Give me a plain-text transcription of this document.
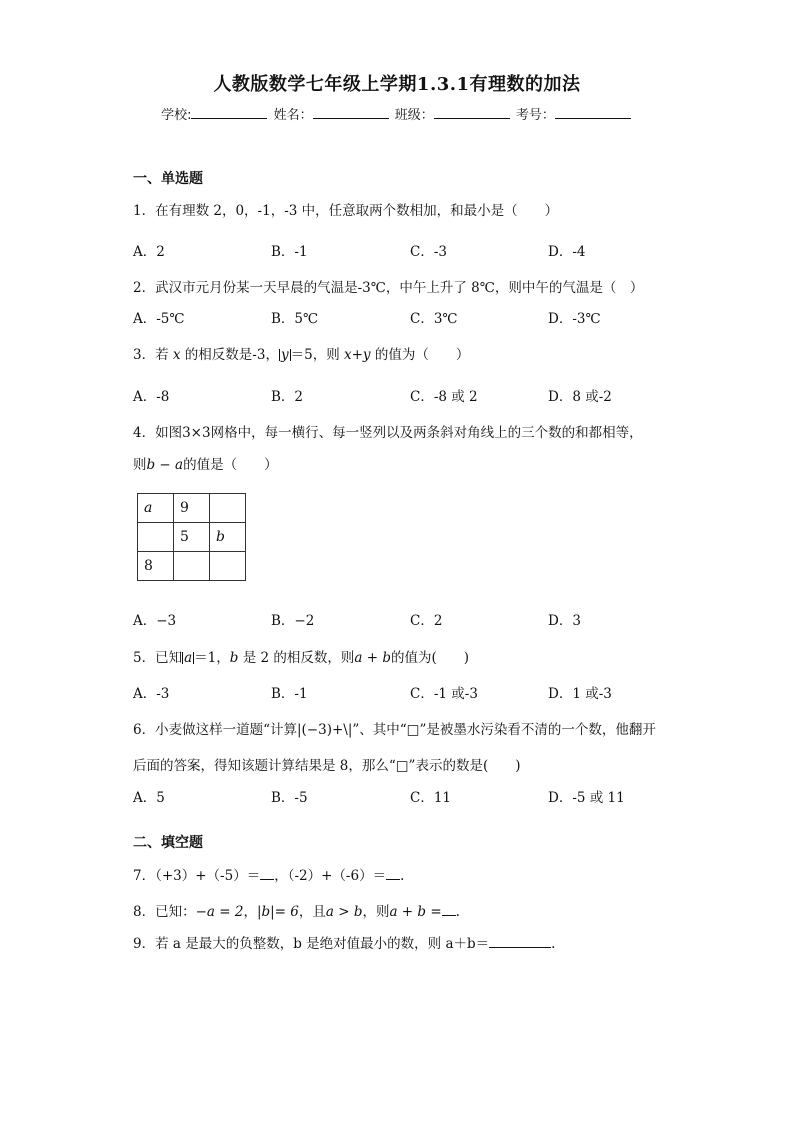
人教版数学七年级上学期1.3.1有理数的加法
学校:	姓名：	班级：	考号：
一、单选题
1．在有理数 2，0，-1，-3 中，任意取两个数相加，和最小是（　　）
A．2	B．-1	C．-3	D．-4
2．武汉市元月份某一天早晨的气温是-3℃，中午上升了 8℃，则中午的气温是（　）
A．-5℃	B．5℃	C．3℃	D．-3℃
3．若 x 的相反数是-3， y ＝5，则 x+y 的值为（　　）
A．-8	B．2	C．-8 或 2	D．8 或-2
4．如图3×3网格中，每一横行、每一竖列以及两条斜对角线上的三个数的和都相等，
则b − a的值是（　　）
a	9	
	5	b
8		
A．−3	B．−2	C．2	D．3
5．已知 a ＝1，b 是 2 的相反数，则a + b的值为(　　)
A．-3	B．-1	C．-1 或-3	D．1 或-3
6．小麦做这样一道题“计算|(−3)+\|”、其中“□”是被墨水污染看不清的一个数，他翻开
后面的答案，得知该题计算结果是 8，那么“□”表示的数是(　　)
A．5	B．-5	C．11	D．-5 或 11
二、填空题
7．（+3）+（-5）＝ ，（-2）+（-6）＝ .
8．已知：−a = 2，|b|= 6，且a > b，则a + b = .
9．若 a 是最大的负整数，b 是绝对值最小的数，则 a＋b＝	.
